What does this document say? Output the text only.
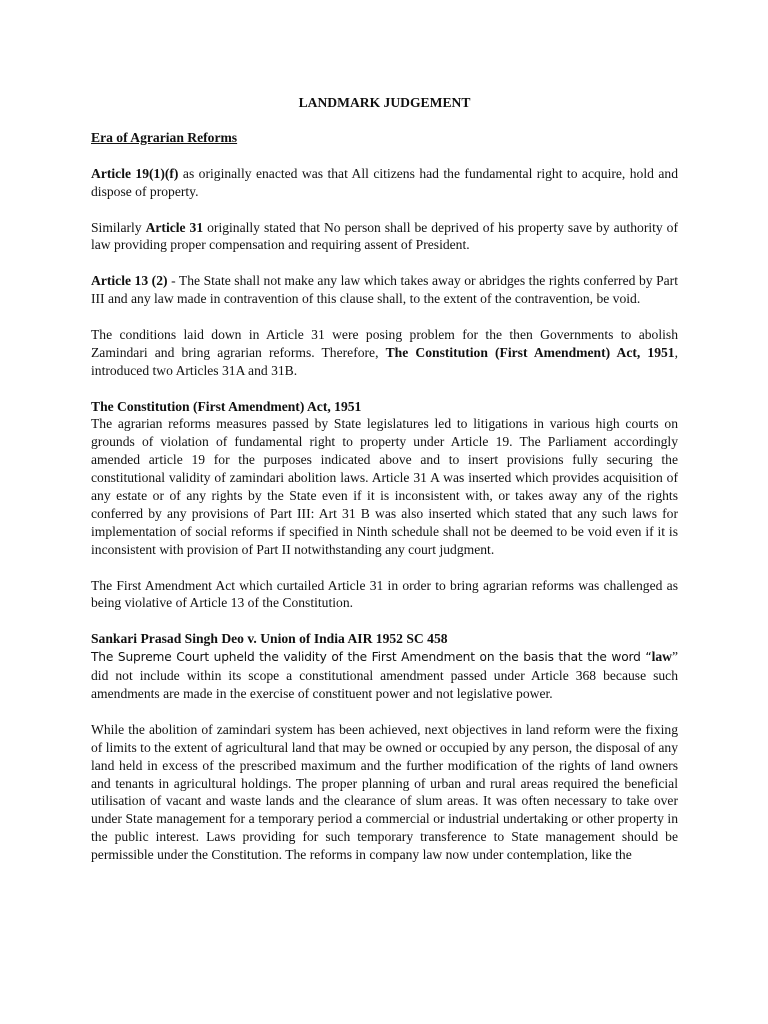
LANDMARK JUDGEMENT
Era of Agrarian Reforms

Article 19(1)(f) as originally enacted was that All citizens had the fundamental right to acquire, hold and dispose of property.

Similarly Article 31 originally stated that No person shall be deprived of his property save by authority of law providing proper compensation and requiring assent of President.

Article 13 (2) - The State shall not make any law which takes away or abridges the rights conferred by Part III and any law made in contravention of this clause shall, to the extent of the contravention, be void.

The conditions laid down in Article 31 were posing problem for the then Governments to abolish Zamindari and bring agrarian reforms. Therefore, The Constitution (First Amendment) Act, 1951, introduced two Articles 31A and 31B.

The Constitution (First Amendment) Act, 1951

The agrarian reforms measures passed by State legislatures led to litigations in various high courts on grounds of violation of fundamental right to property under Article 19. The Parliament accordingly amended article 19 for the purposes indicated above and to insert provisions fully securing the constitutional validity of zamindari abolition laws. Article 31 A was inserted which provides acquisition of any estate or of any rights by the State even if it is inconsistent with, or takes away any of the rights conferred by any provisions of Part III: Art 31 B was also inserted which stated that any such laws for implementation of social reforms if specified in Ninth schedule shall not be deemed to be void even if it is inconsistent with provision of Part II notwithstanding any court judgment.

The First Amendment Act which curtailed Article 31 in order to bring agrarian reforms was challenged as being violative of Article 13 of the Constitution.

Sankari Prasad Singh Deo v. Union of India AIR 1952 SC 458

The Supreme Court upheld the validity of the First Amendment on the basis that the word “law” did not include within its scope a constitutional amendment passed under Article 368 because such amendments are made in the exercise of constituent power and not legislative power.

While the abolition of zamindari system has been achieved, next objectives in land reform were the fixing of limits to the extent of agricultural land that may be owned or occupied by any person, the disposal of any land held in excess of the prescribed maximum and the further modification of the rights of land owners and tenants in agricultural holdings. The proper planning of urban and rural areas required the beneficial utilisation of vacant and waste lands and the clearance of slum areas. It was often necessary to take over under State management for a temporary period a commercial or industrial undertaking or other property in the public interest. Laws providing for such temporary transference to State management should be permissible under the Constitution. The reforms in company law now under contemplation, like the
